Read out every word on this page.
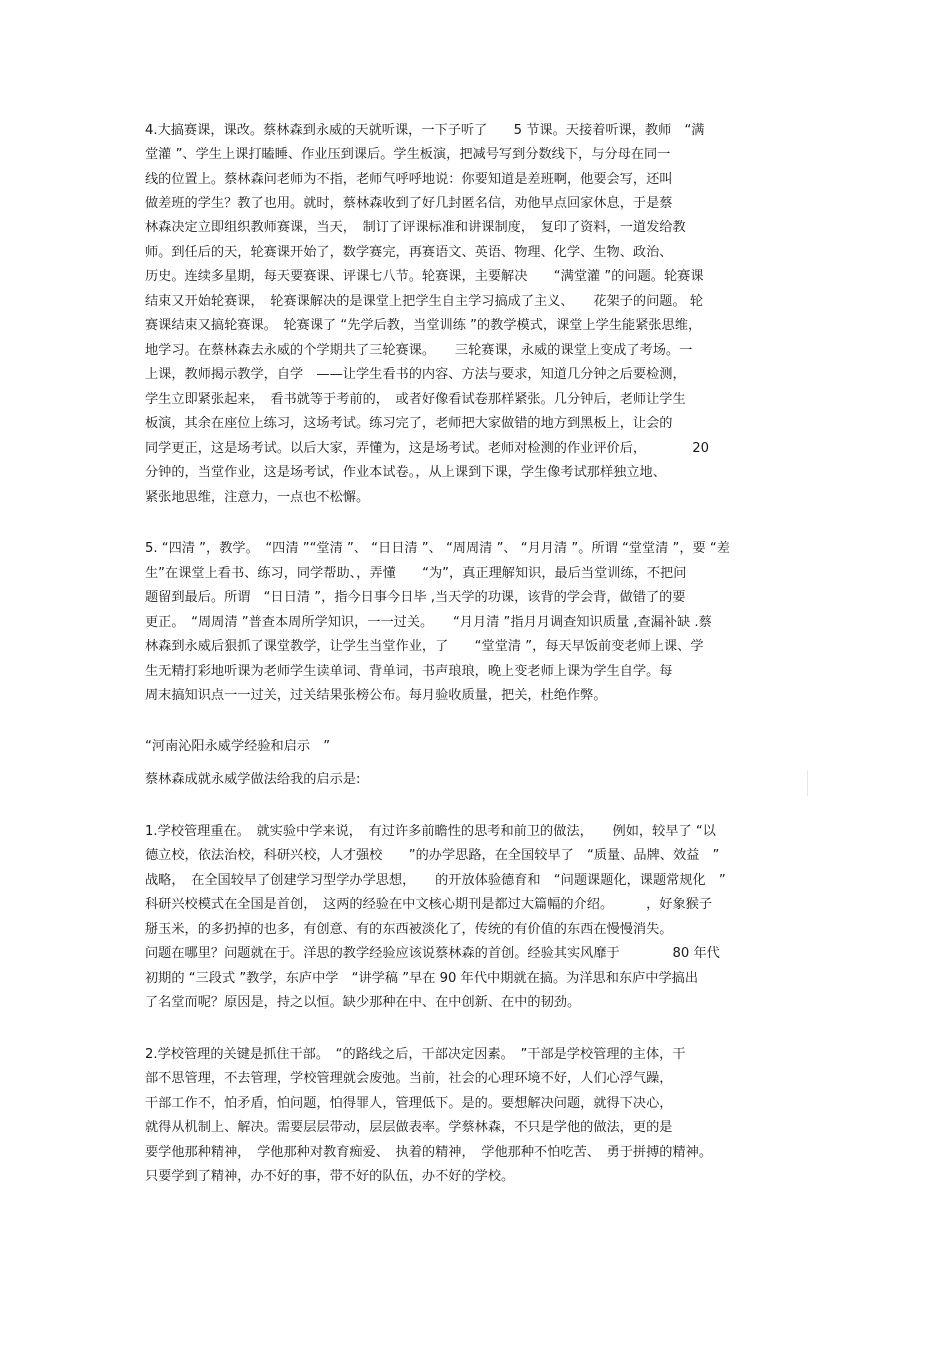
4.大搞赛课，课改。蔡林森到永威的天就听课，一下子听了　　5 节课。天接着听课，教师　“满

堂灌 ”、学生上课打瞌睡、作业压到课后。学生板演，把减号写到分数线下，与分母在同一

线的位置上。蔡林森问老师为不指，老师气呼呼地说：你要知道是差班啊，他要会写，还叫

做差班的学生？教了也用。就时，蔡林森收到了好几封匿名信，劝他早点回家休息，于是蔡

林森决定立即组织教师赛课，当天，　制订了评课标准和讲课制度，　复印了资料，一道发给教

师。到任后的天，轮赛课开始了，数学赛完，再赛语文、英语、物理、化学、生物、政治、

历史。连续多星期，每天要赛课、评课七八节。轮赛课，主要解决　　“满堂灌 ”的问题。轮赛课

结束又开始轮赛课，　轮赛课解决的是课堂上把学生自主学习搞成了主义、　　花架子的问题。 轮

赛课结束又搞轮赛课。　轮赛课了 “先学后教，当堂训练 ”的教学模式，课堂上学生能紧张思维，

地学习。在蔡林森去永威的个学期共了三轮赛课。　　三轮赛课，永威的课堂上变成了考场。一

上课，教师揭示教学，自学　——让学生看书的内容、方法与要求，知道几分钟之后要检测，

学生立即紧张起来，　看书就等于考前的，　或者好像看试卷那样紧张。几分钟后，老师让学生

板演，其余在座位上练习，这场考试。练习完了，老师把大家做错的地方到黑板上，让会的

同学更正，这是场考试。以后大家，弄懂为，这是场考试。老师对检测的作业评价后，　　　　20

分钟的，当堂作业，这是场考试，作业本试卷。，从上课到下课，学生像考试那样独立地、

紧张地思维，注意力，一点也不松懈。

5. “四清 ”，教学。　“四清 ”“堂清 ”、 “日日清 ”、 “周周清 ”、 “月月清 ”。所谓 “堂堂清 ”，要 “差

生”在课堂上看书、练习，同学帮助、，弄懂　　“为”，真正理解知识，最后当堂训练，不把问

题留到最后。所谓　“日日清 ”，指今日事今日毕 ,当天学的功课，该背的学会背，做错了的要

更正。　“周周清 ”普查本周所学知识，一一过关。　　“月月清 ”指月月调查知识质量 ,查漏补缺 .蔡

林森到永威后狠抓了课堂教学，让学生当堂作业，了　　“堂堂清 ”，每天早饭前变老师上课、学

生无精打彩地听课为老师学生读单词、背单词，书声琅琅，晚上变老师上课为学生自学。每

周末搞知识点一一过关，过关结果张榜公布。每月验收质量，把关，杜绝作弊。

“河南沁阳永威学经验和启示　”

蔡林森成就永威学做法给我的启示是:

1.学校管理重在。　就实验中学来说，　有过许多前瞻性的思考和前卫的做法，　　例如，较早了 “以

德立校，依法治校，科研兴校，人才强校　　”的办学思路，在全国较早了　“质量、品牌、效益　”

战略，　在全国较早了创建学习型学办学思想，　　的开放体验德育和　“问题课题化，课题常规化　”

科研兴校模式在全国是首创，　这两的经验在中文核心期刊是都过大篇幅的介绍。　　　，好象猴子

掰玉米，的多扔掉的也多，有创意、有的东西被淡化了，传统的有价值的东西在慢慢消失。

问题在哪里？问题就在于。洋思的教学经验应该说蔡林森的首创。经验其实风靡于　　　　80 年代

初期的 “三段式 ”教学，东庐中学　“讲学稿 ”早在 90 年代中期就在搞。为洋思和东庐中学搞出

了名堂而呢？原因是，持之以恒。缺少那种在中、在中创新、在中的韧劲。

2.学校管理的关键是抓住干部。　“的路线之后，干部决定因素。　”干部是学校管理的主体，干

部不思管理，不去管理，学校管理就会废弛。当前，社会的心理环境不好，人们心浮气躁，

干部工作不，怕矛盾，怕问题，怕得罪人，管理低下。是的。要想解决问题，就得下决心，

就得从机制上、解决。需要层层带动，层层做表率。学蔡林森，不只是学他的做法，更的是

要学他那种精神，　学他那种对教育痴爱、　执着的精神，　学他那种不怕吃苦、　勇于拼搏的精神。

只要学到了精神，办不好的事，带不好的队伍，办不好的学校。
